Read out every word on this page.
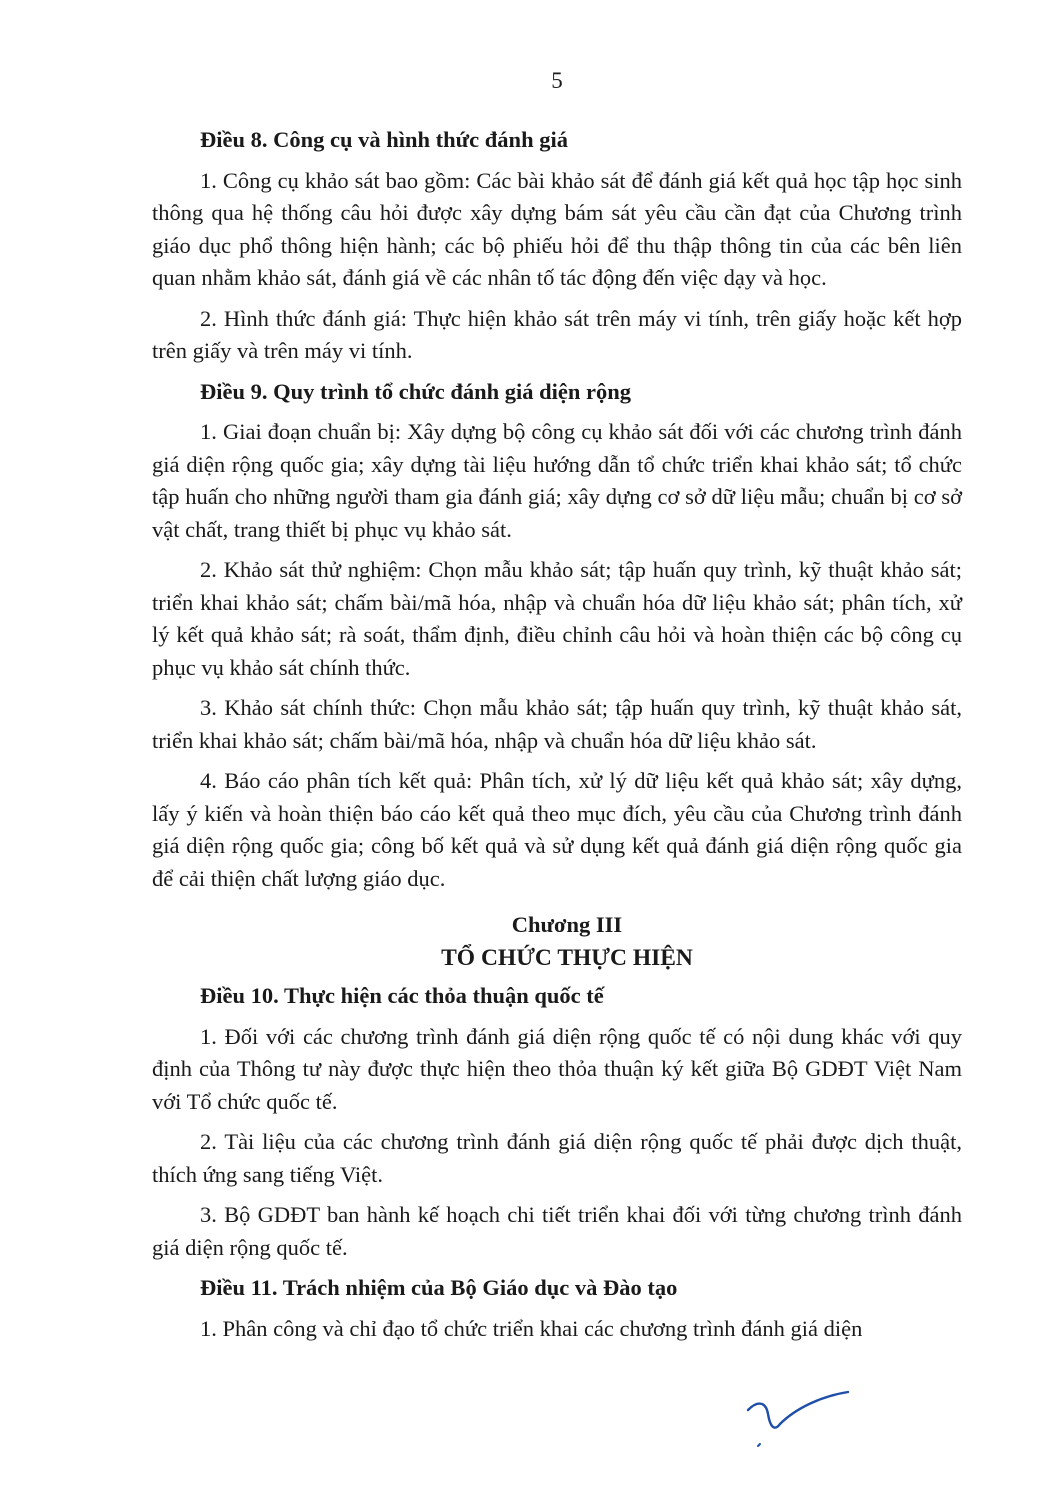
5

Điều 8. Công cụ và hình thức đánh giá

1. Công cụ khảo sát bao gồm: Các bài khảo sát để đánh giá kết quả học tập học sinh thông qua hệ thống câu hỏi được xây dựng bám sát yêu cầu cần đạt của Chương trình giáo dục phổ thông hiện hành; các bộ phiếu hỏi để thu thập thông tin của các bên liên quan nhằm khảo sát, đánh giá về các nhân tố tác động đến việc dạy và học.

2. Hình thức đánh giá: Thực hiện khảo sát trên máy vi tính, trên giấy hoặc kết hợp trên giấy và trên máy vi tính.

Điều 9. Quy trình tổ chức đánh giá diện rộng

1. Giai đoạn chuẩn bị: Xây dựng bộ công cụ khảo sát đối với các chương trình đánh giá diện rộng quốc gia; xây dựng tài liệu hướng dẫn tổ chức triển khai khảo sát; tổ chức tập huấn cho những người tham gia đánh giá; xây dựng cơ sở dữ liệu mẫu; chuẩn bị cơ sở vật chất, trang thiết bị phục vụ khảo sát.

2. Khảo sát thử nghiệm: Chọn mẫu khảo sát; tập huấn quy trình, kỹ thuật khảo sát; triển khai khảo sát; chấm bài/mã hóa, nhập và chuẩn hóa dữ liệu khảo sát; phân tích, xử lý kết quả khảo sát; rà soát, thẩm định, điều chỉnh câu hỏi và hoàn thiện các bộ công cụ phục vụ khảo sát chính thức.

3. Khảo sát chính thức: Chọn mẫu khảo sát; tập huấn quy trình, kỹ thuật khảo sát, triển khai khảo sát; chấm bài/mã hóa, nhập và chuẩn hóa dữ liệu khảo sát.

4. Báo cáo phân tích kết quả: Phân tích, xử lý dữ liệu kết quả khảo sát; xây dựng, lấy ý kiến và hoàn thiện báo cáo kết quả theo mục đích, yêu cầu của Chương trình đánh giá diện rộng quốc gia; công bố kết quả và sử dụng kết quả đánh giá diện rộng quốc gia để cải thiện chất lượng giáo dục.

Chương III

TỔ CHỨC THỰC HIỆN

Điều 10. Thực hiện các thỏa thuận quốc tế

1. Đối với các chương trình đánh giá diện rộng quốc tế có nội dung khác với quy định của Thông tư này được thực hiện theo thỏa thuận ký kết giữa Bộ GDĐT Việt Nam với Tổ chức quốc tế.

2. Tài liệu của các chương trình đánh giá diện rộng quốc tế phải được dịch thuật, thích ứng sang tiếng Việt.

3. Bộ GDĐT ban hành kế hoạch chi tiết triển khai đối với từng chương trình đánh giá diện rộng quốc tế.

Điều 11. Trách nhiệm của Bộ Giáo dục và Đào tạo

1. Phân công và chỉ đạo tổ chức triển khai các chương trình đánh giá diện
